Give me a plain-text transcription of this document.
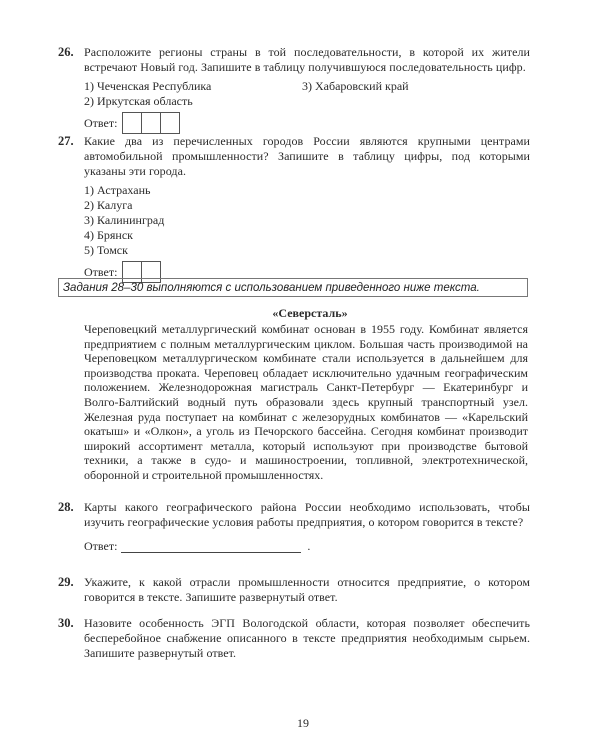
26. Расположите регионы страны в той последовательности, в которой их жители встречают Новый год. Запишите в таблицу получившуюся последовательность цифр.
1) Чеченская Республика	3) Хабаровский край
2) Иркутская область
Ответ:
27. Какие два из перечисленных городов России являются крупными центрами автомобильной промышленности? Запишите в таблицу цифры, под которыми указаны эти города.
1) Астрахань
2) Калуга
3) Калининград
4) Брянск
5) Томск
Ответ:
Задания 28–30 выполняются с использованием приведенного ниже текста.
«Северсталь»
Череповецкий металлургический комбинат основан в 1955 году. Комбинат является предприятием с полным металлургическим циклом. Большая часть производимой на Череповецком металлургическом комбинате стали используется в дальнейшем для производства проката. Череповец обладает исключительно удачным географическим положением. Железнодорожная магистраль Санкт-Петербург — Екатеринбург и Волго-Балтийский водный путь образовали здесь крупный транспортный узел. Железная руда поступает на комбинат с железорудных комбинатов — «Карельский окатыш» и «Олкон», а уголь из Печорского бассейна. Сегодня комбинат производит широкий ассортимент металла, который используют при производстве бытовой техники, а также в судо- и машиностроении, топливной, электротехнической, оборонной и строительной промышленностях.
28. Карты какого географического района России необходимо использовать, чтобы изучить географические условия работы предприятия, о котором говорится в тексте?
Ответ:	.
29. Укажите, к какой отрасли промышленности относится предприятие, о котором говорится в тексте. Запишите развернутый ответ.
30. Назовите особенность ЭГП Вологодской области, которая позволяет обеспечить бесперебойное снабжение описанного в тексте предприятия необходимым сырьем. Запишите развернутый ответ.
19
